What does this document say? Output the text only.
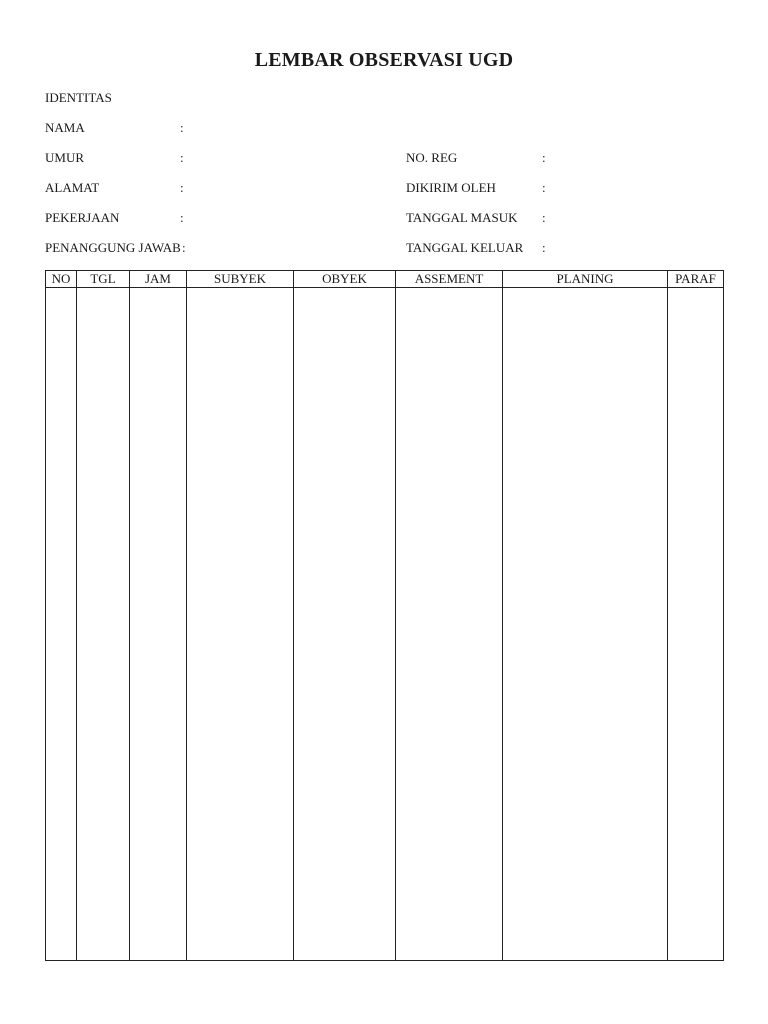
LEMBAR OBSERVASI UGD
IDENTITAS
NAMA	:
UMUR	:
ALAMAT	:
PEKERJAAN	:
PENANGGUNG JAWAB :
NO. REG	:
DIKIRIM OLEH	:
TANGGAL MASUK :
TANGGAL KELUAR :
NO	TGL	JAM	SUBYEK	OBYEK	ASSEMENT	PLANING	PARAF
